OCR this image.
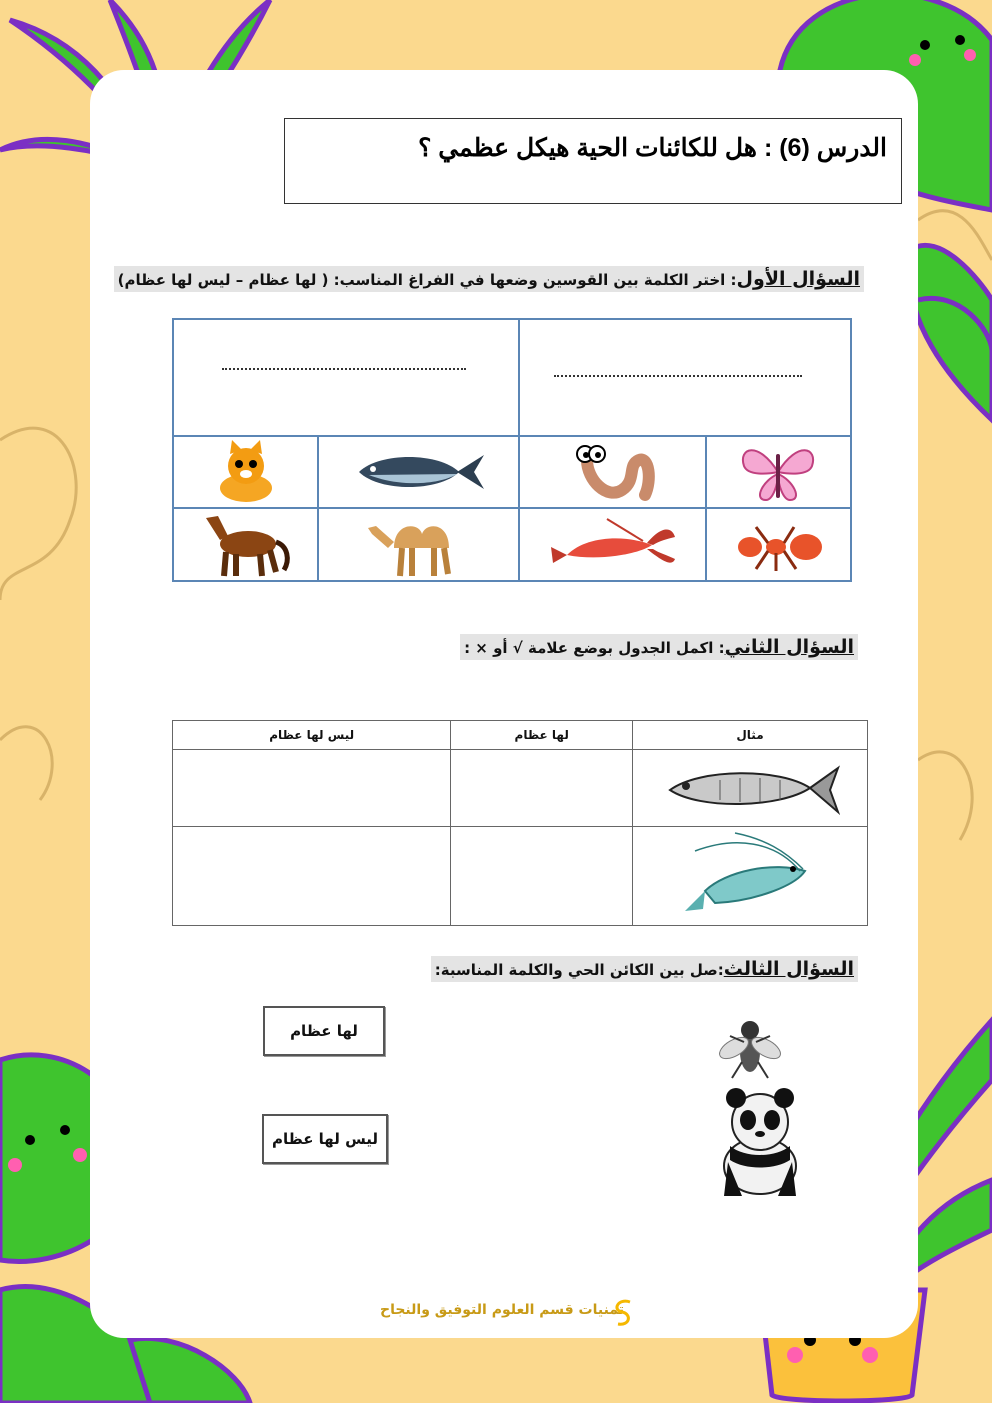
الدرس (6) : هل للكائنات الحية هيكل عظمي ؟
السؤال الأول: اختر الكلمة بين القوسين وضعها في الفراغ المناسب: ( لها عظام – ليس لها عظام)

السؤال الثاني: اكمل الجدول بوضع علامة √ أو × :
مثال	لها عظام	ليس لها عظام

السؤال الثالث:صل بين الكائن الحي والكلمة المناسبة:
لها عظام
ليس لها عظام
تمنيات قسم العلوم التوفيق والنجاح
